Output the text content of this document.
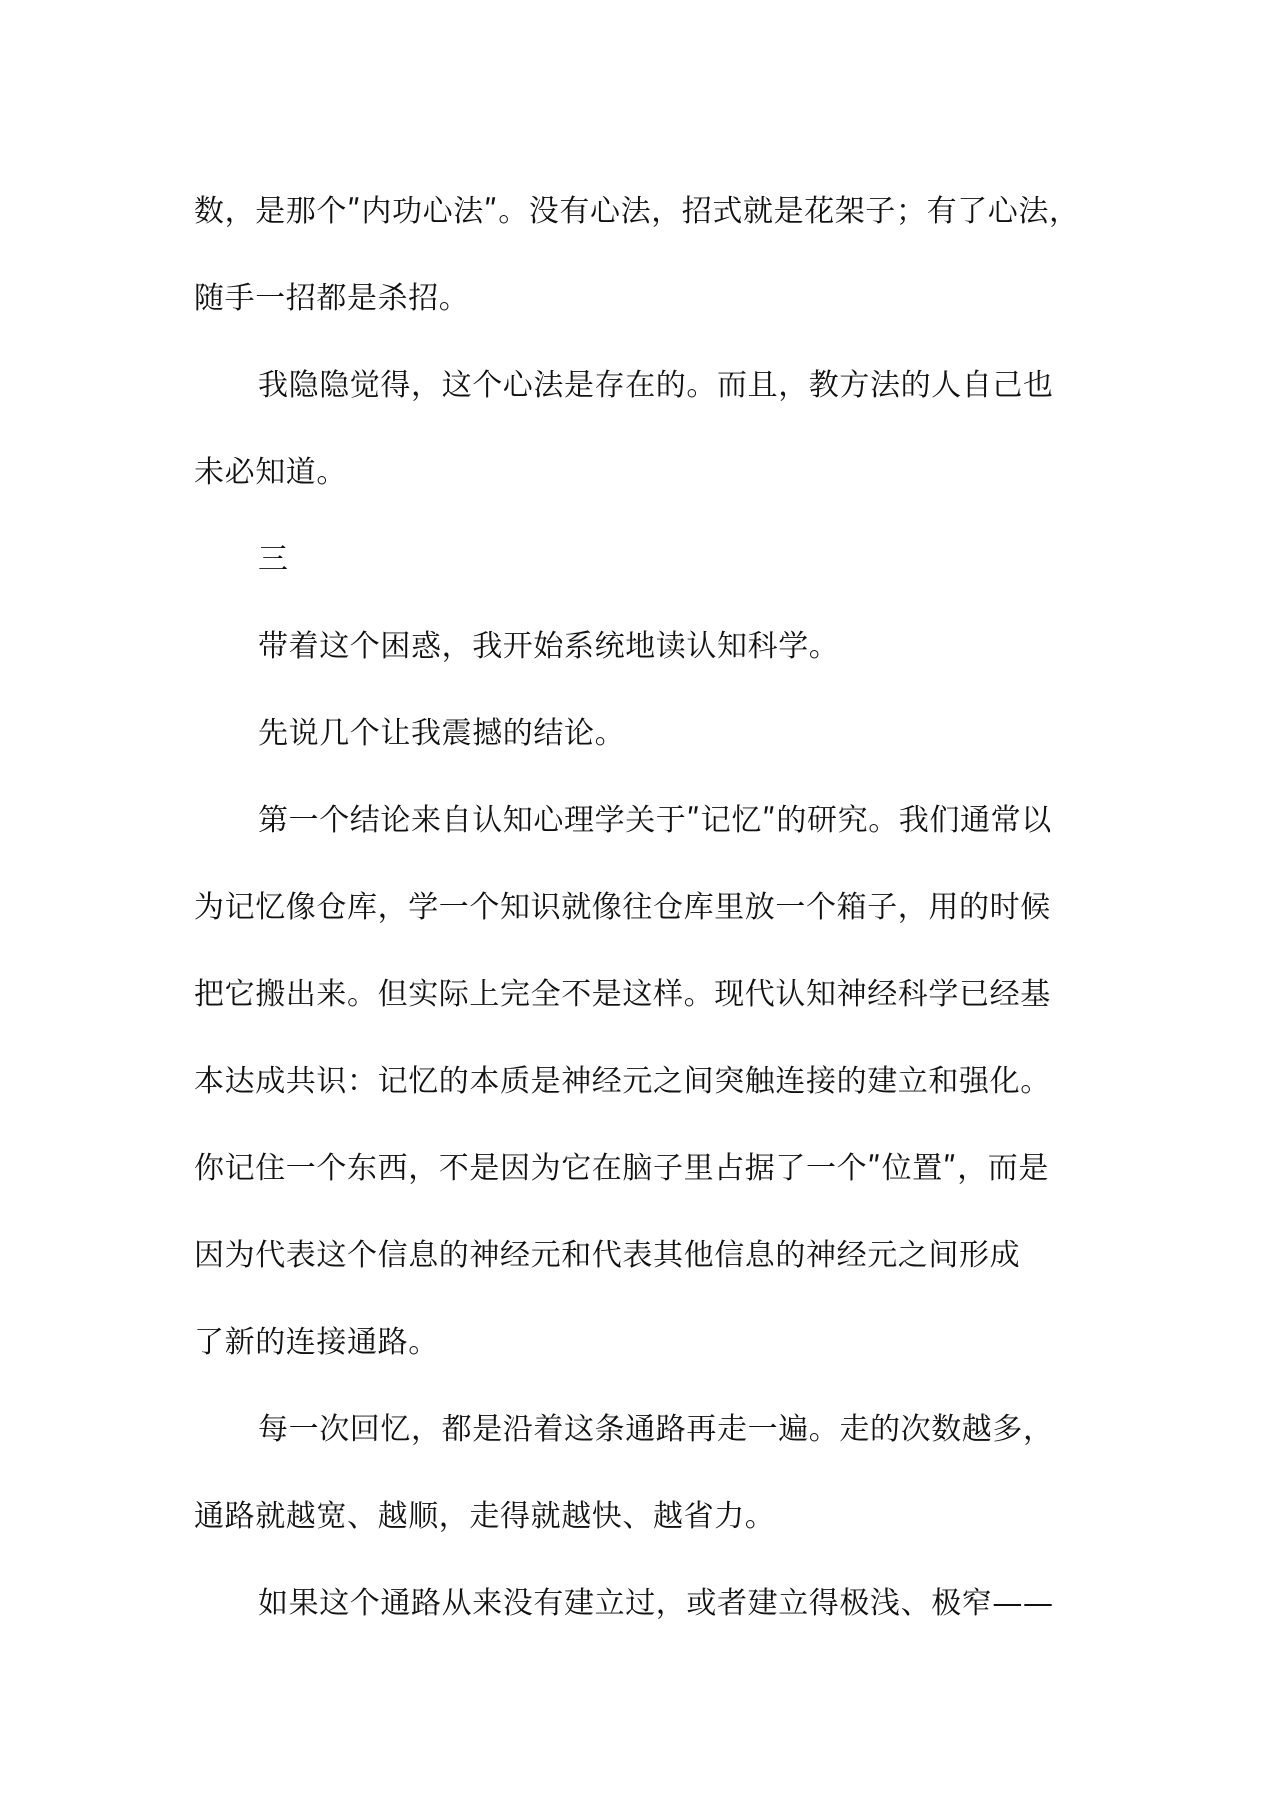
数，是那个ʺ内功心法ʺ。没有心法，招式就是花架子；有了心法，
随手一招都是杀招。
我隐隐觉得，这个心法是存在的。而且，教方法的人自己也
未必知道。
三
带着这个困惑，我开始系统地读认知科学。
先说几个让我震撼的结论。
第一个结论来自认知心理学关于ʺ记忆ʺ的研究。我们通常以
为记忆像仓库，学一个知识就像往仓库里放一个箱子，用的时候
把它搬出来。但实际上完全不是这样。现代认知神经科学已经基
本达成共识：记忆的本质是神经元之间突触连接的建立和强化。
你记住一个东西，不是因为它在脑子里占据了一个ʺ位置ʺ，而是
因为代表这个信息的神经元和代表其他信息的神经元之间形成
了新的连接通路。
每一次回忆，都是沿着这条通路再走一遍。走的次数越多，
通路就越宽、越顺，走得就越快、越省力。
如果这个通路从来没有建立过，或者建立得极浅、极窄——
